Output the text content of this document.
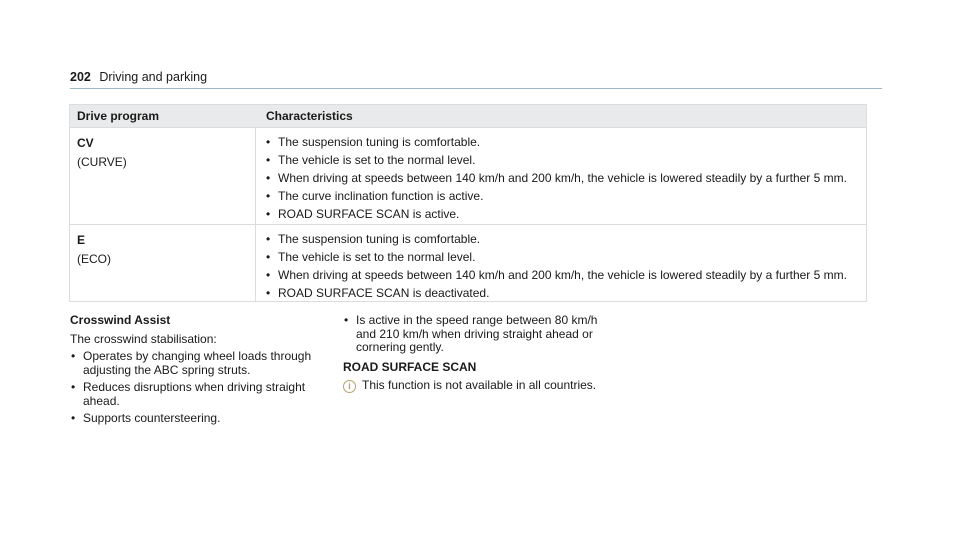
202 Driving and parking
Drive program	Characteristics
CV
(CURVE)
• The suspension tuning is comfortable.
• The vehicle is set to the normal level.
• When driving at speeds between 140 km/h and 200 km/h, the vehicle is lowered steadily by a further 5 mm.
• The curve inclination function is active.
• ROAD SURFACE SCAN is active.
E
(ECO)
• The suspension tuning is comfortable.
• The vehicle is set to the normal level.
• When driving at speeds between 140 km/h and 200 km/h, the vehicle is lowered steadily by a further 5 mm.
• ROAD SURFACE SCAN is deactivated.
Crosswind Assist
The crosswind stabilisation:
• Operates by changing wheel loads through adjusting the ABC spring struts.
• Reduces disruptions when driving straight ahead.
• Supports countersteering.
• Is active in the speed range between 80 km/h and 210 km/h when driving straight ahead or cornering gently.
ROAD SURFACE SCAN
i This function is not available in all countries.
